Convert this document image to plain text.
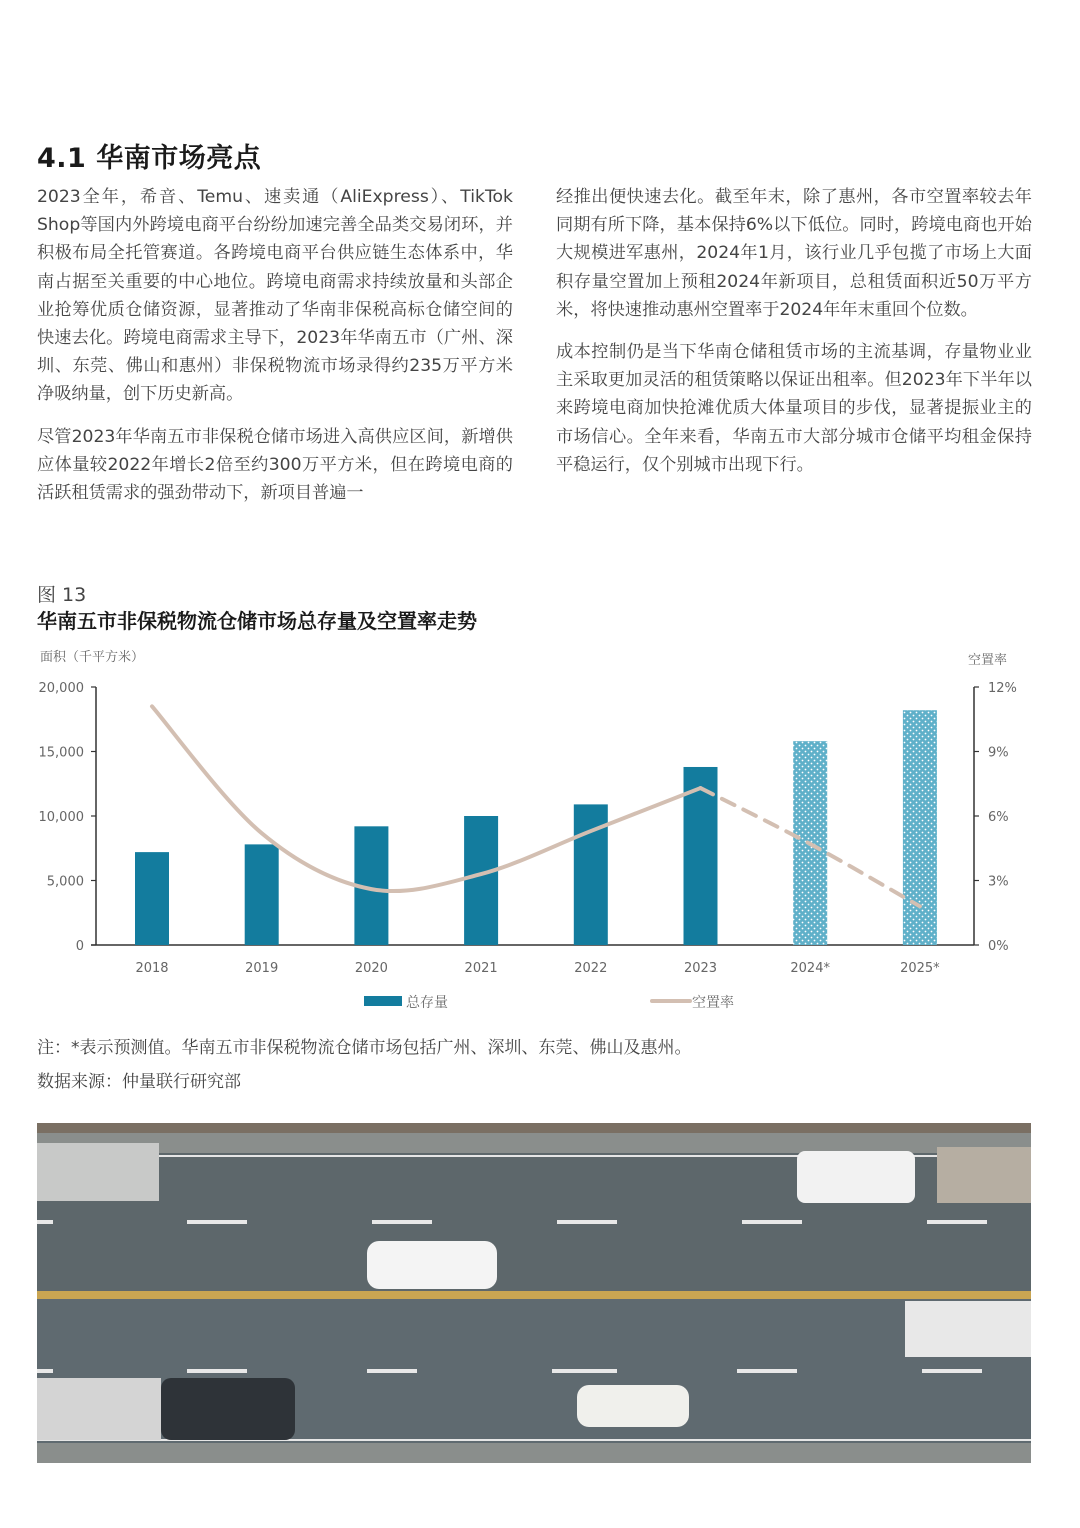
4.1 华南市场亮点

2023全年，希音、Temu、速卖通（AliExpress）、TikTok Shop等国内外跨境电商平台纷纷加速完善全品类交易闭环，并积极布局全托管赛道。各跨境电商平台供应链生态体系中，华南占据至关重要的中心地位。跨境电商需求持续放量和头部企业抢筹优质仓储资源，显著推动了华南非保税高标仓储空间的快速去化。跨境电商需求主导下，2023年华南五市（广州、深圳、东莞、佛山和惠州）非保税物流市场录得约235万平方米净吸纳量，创下历史新高。

尽管2023年华南五市非保税仓储市场进入高供应区间，新增供应体量较2022年增长2倍至约300万平方米，但在跨境电商的活跃租赁需求的强劲带动下，新项目普遍一

经推出便快速去化。截至年末，除了惠州，各市空置率较去年同期有所下降，基本保持6%以下低位。同时，跨境电商也开始大规模进军惠州，2024年1月，该行业几乎包揽了市场上大面积存量空置加上预租2024年新项目，总租赁面积近50万平方米，将快速推动惠州空置率于2024年年末重回个位数。

成本控制仍是当下华南仓储租赁市场的主流基调，存量物业业主采取更加灵活的租赁策略以保证出租率。但2023年下半年以来跨境电商加快抢滩优质大体量项目的步伐，显著提振业主的市场信心。全年来看，华南五市大部分城市仓储平均租金保持平稳运行，仅个别城市出现下行。

图 13
华南五市非保税物流仓储市场总存量及空置率走势
面积（千平方米）	空置率
0
5,000
10,000
15,000
20,000
0%
3%
6%
9%
12%
2018	2019	2020	2021	2022	2023	2024*	2025*
总存量	空置率
注：*表示预测值。华南五市非保税物流仓储市场包括广州、深圳、东莞、佛山及惠州。
数据来源：仲量联行研究部
